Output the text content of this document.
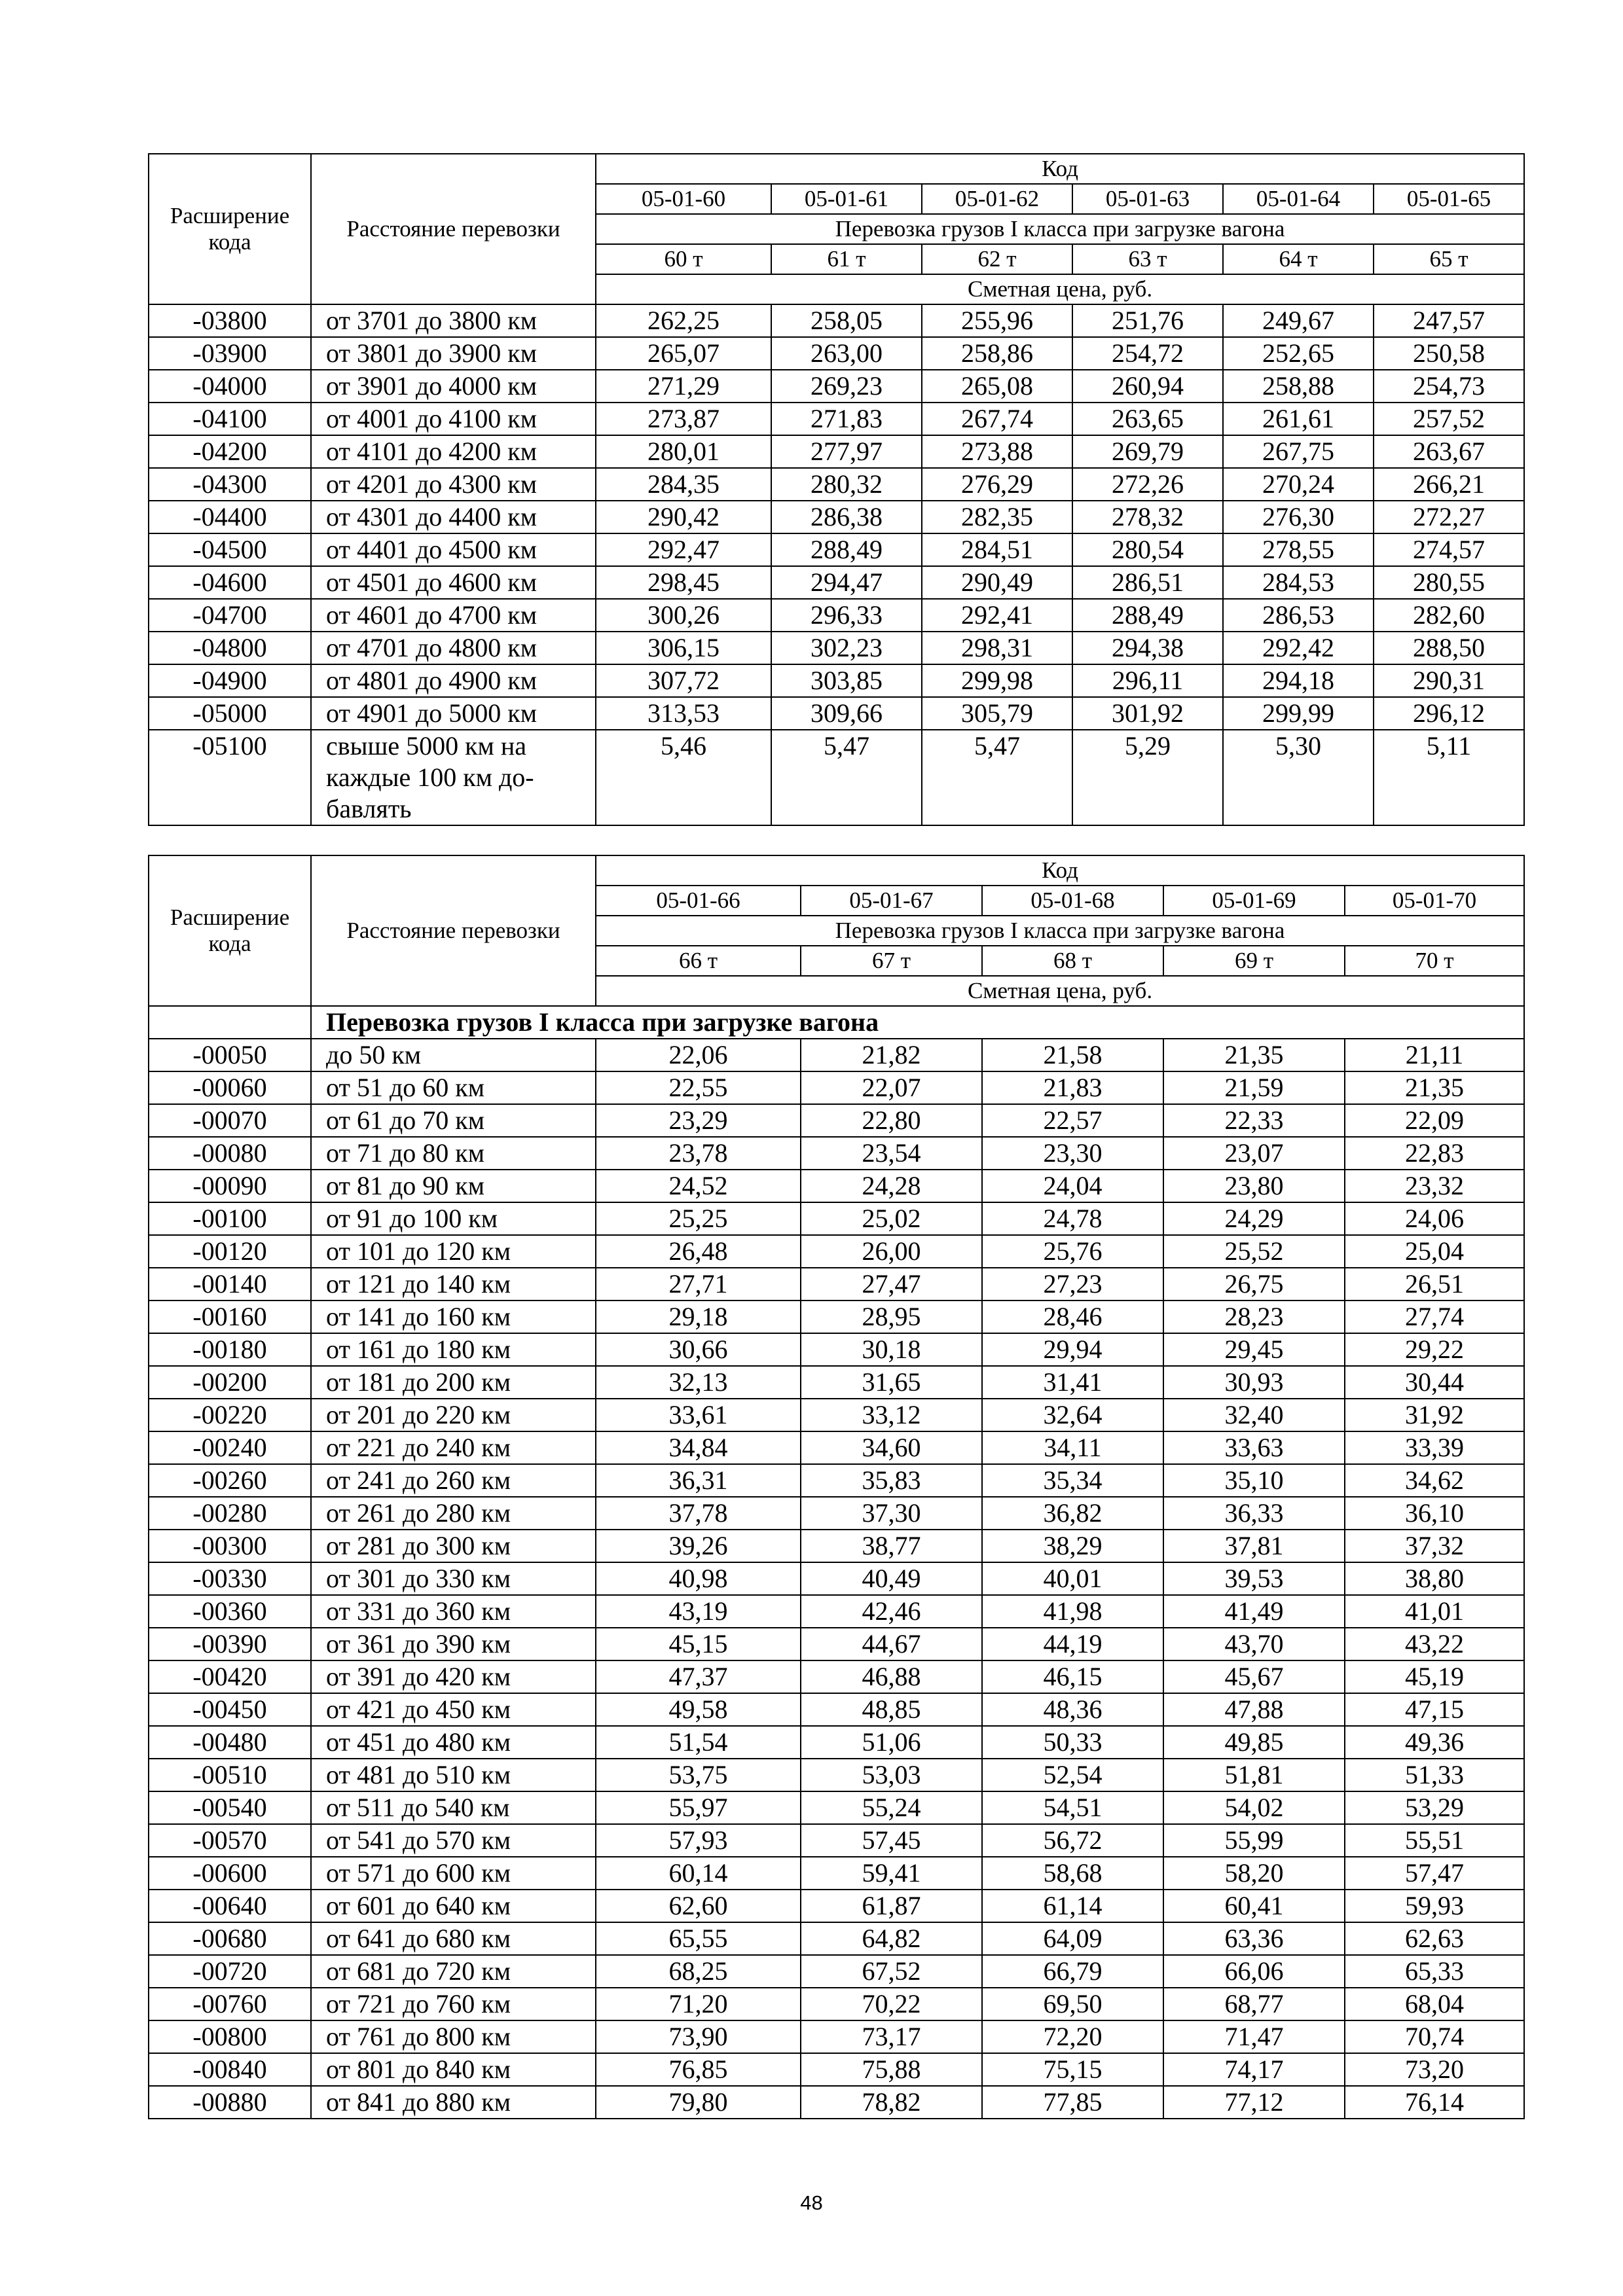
Расширение кода	Расстояние перевозки	Код					
		05-01-60	05-01-61	05-01-62	05-01-63	05-01-64	05-01-65
		Перевозка грузов I класса при загрузке вагона					
		60 т	61 т	62 т	63 т	64 т	65 т
		Сметная цена, руб.					
-03800	от 3701 до 3800 км	262,25	258,05	255,96	251,76	249,67	247,57
-03900	от 3801 до 3900 км	265,07	263,00	258,86	254,72	252,65	250,58
-04000	от 3901 до 4000 км	271,29	269,23	265,08	260,94	258,88	254,73
-04100	от 4001 до 4100 км	273,87	271,83	267,74	263,65	261,61	257,52
-04200	от 4101 до 4200 км	280,01	277,97	273,88	269,79	267,75	263,67
-04300	от 4201 до 4300 км	284,35	280,32	276,29	272,26	270,24	266,21
-04400	от 4301 до 4400 км	290,42	286,38	282,35	278,32	276,30	272,27
-04500	от 4401 до 4500 км	292,47	288,49	284,51	280,54	278,55	274,57
-04600	от 4501 до 4600 км	298,45	294,47	290,49	286,51	284,53	280,55
-04700	от 4601 до 4700 км	300,26	296,33	292,41	288,49	286,53	282,60
-04800	от 4701 до 4800 км	306,15	302,23	298,31	294,38	292,42	288,50
-04900	от 4801 до 4900 км	307,72	303,85	299,98	296,11	294,18	290,31
-05000	от 4901 до 5000 км	313,53	309,66	305,79	301,92	299,99	296,12
-05100	свыше 5000 км на
каждые 100 км до-
бавлять	5,46	5,47	5,47	5,29	5,30	5,11
Расширение кода	Расстояние перевозки	Код				
		05-01-66	05-01-67	05-01-68	05-01-69	05-01-70
		Перевозка грузов I класса при загрузке вагона				
		66 т	67 т	68 т	69 т	70 т
		Сметная цена, руб.				
	Перевозка грузов I класса при загрузке вагона					
-00050	до 50 км	22,06	21,82	21,58	21,35	21,11
-00060	от 51 до 60 км	22,55	22,07	21,83	21,59	21,35
-00070	от 61 до 70 км	23,29	22,80	22,57	22,33	22,09
-00080	от 71 до 80 км	23,78	23,54	23,30	23,07	22,83
-00090	от 81 до 90 км	24,52	24,28	24,04	23,80	23,32
-00100	от 91 до 100 км	25,25	25,02	24,78	24,29	24,06
-00120	от 101 до 120 км	26,48	26,00	25,76	25,52	25,04
-00140	от 121 до 140 км	27,71	27,47	27,23	26,75	26,51
-00160	от 141 до 160 км	29,18	28,95	28,46	28,23	27,74
-00180	от 161 до 180 км	30,66	30,18	29,94	29,45	29,22
-00200	от 181 до 200 км	32,13	31,65	31,41	30,93	30,44
-00220	от 201 до 220 км	33,61	33,12	32,64	32,40	31,92
-00240	от 221 до 240 км	34,84	34,60	34,11	33,63	33,39
-00260	от 241 до 260 км	36,31	35,83	35,34	35,10	34,62
-00280	от 261 до 280 км	37,78	37,30	36,82	36,33	36,10
-00300	от 281 до 300 км	39,26	38,77	38,29	37,81	37,32
-00330	от 301 до 330 км	40,98	40,49	40,01	39,53	38,80
-00360	от 331 до 360 км	43,19	42,46	41,98	41,49	41,01
-00390	от 361 до 390 км	45,15	44,67	44,19	43,70	43,22
-00420	от 391 до 420 км	47,37	46,88	46,15	45,67	45,19
-00450	от 421 до 450 км	49,58	48,85	48,36	47,88	47,15
-00480	от 451 до 480 км	51,54	51,06	50,33	49,85	49,36
-00510	от 481 до 510 км	53,75	53,03	52,54	51,81	51,33
-00540	от 511 до 540 км	55,97	55,24	54,51	54,02	53,29
-00570	от 541 до 570 км	57,93	57,45	56,72	55,99	55,51
-00600	от 571 до 600 км	60,14	59,41	58,68	58,20	57,47
-00640	от 601 до 640 км	62,60	61,87	61,14	60,41	59,93
-00680	от 641 до 680 км	65,55	64,82	64,09	63,36	62,63
-00720	от 681 до 720 км	68,25	67,52	66,79	66,06	65,33
-00760	от 721 до 760 км	71,20	70,22	69,50	68,77	68,04
-00800	от 761 до 800 км	73,90	73,17	72,20	71,47	70,74
-00840	от 801 до 840 км	76,85	75,88	75,15	74,17	73,20
-00880	от 841 до 880 км	79,80	78,82	77,85	77,12	76,14
48
